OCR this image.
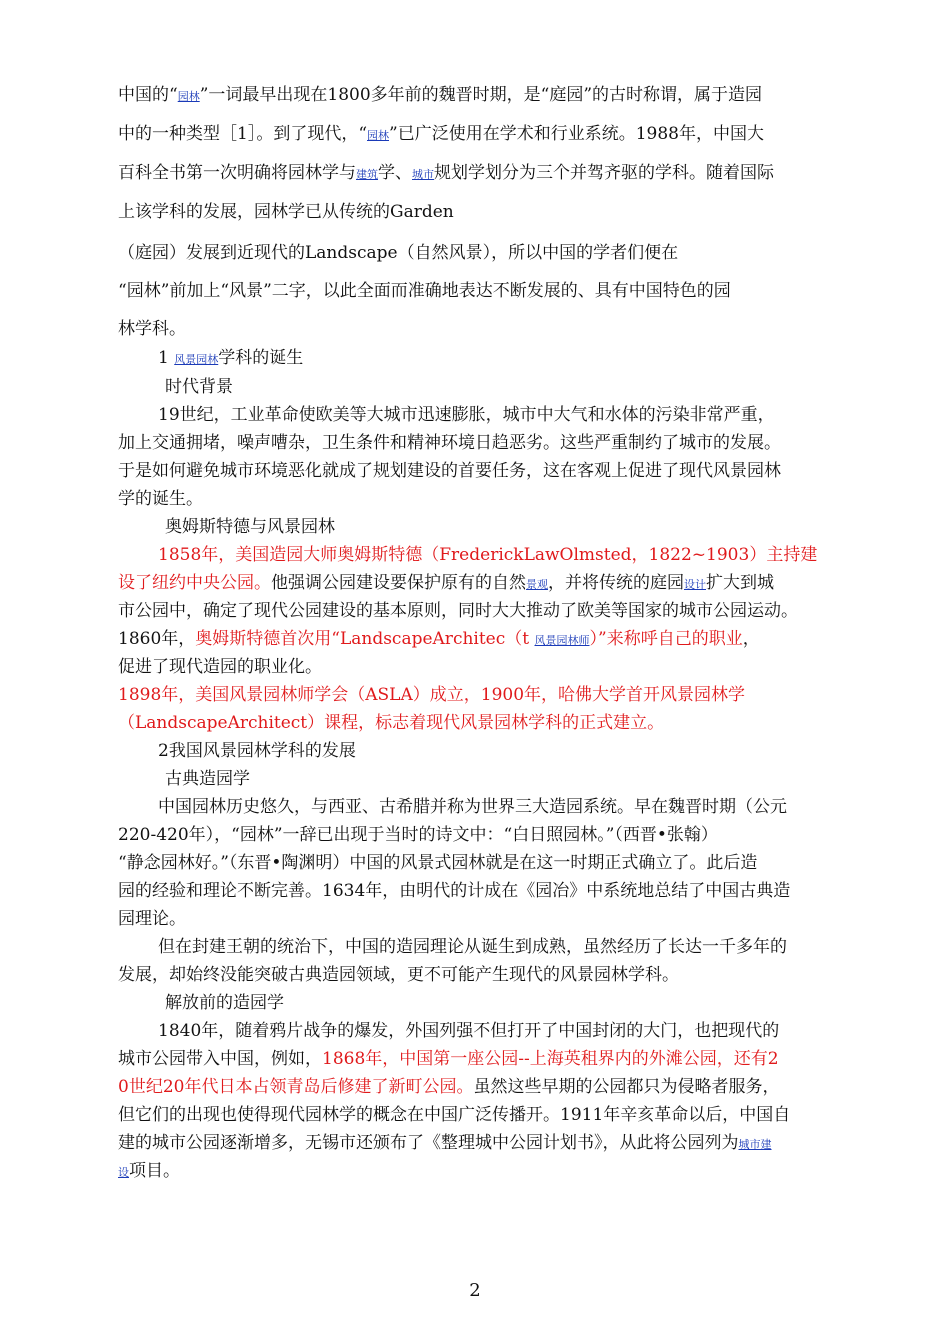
中国的“园林”一词最早出现在1800多年前的魏晋时期，是“庭园”的古时称谓，属于造园
中的一种类型［1］。到了现代，“园林”已广泛使用在学术和行业系统。1988年，中国大
百科全书第一次明确将园林学与建筑学、城市规划学划分为三个并驾齐驱的学科。随着国际
上该学科的发展，园林学已从传统的Garden
（庭园）发展到近现代的Landscape（自然风景），所以中国的学者们便在
“园林”前加上“风景”二字，以此全面而准确地表达不断发展的、具有中国特色的园
林学科。
1 风景园林学科的诞生
时代背景
19世纪，工业革命使欧美等大城市迅速膨胀，城市中大气和水体的污染非常严重，
加上交通拥堵，噪声嘈杂，卫生条件和精神环境日趋恶劣。这些严重制约了城市的发展。
于是如何避免城市环境恶化就成了规划建设的首要任务，这在客观上促进了现代风景园林
学的诞生。
奥姆斯特德与风景园林
1858年，美国造园大师奥姆斯特德（FrederickLawOlmsted，1822~1903）主持建
设了纽约中央公园。他强调公园建设要保护原有的自然景观，并将传统的庭园设计扩大到城
市公园中，确定了现代公园建设的基本原则，同时大大推动了欧美等国家的城市公园运动。
1860年，奥姆斯特德首次用“LandscapeArchitec（t 风景园林师）”来称呼自己的职业，
促进了现代造园的职业化。
1898年，美国风景园林师学会（ASLA）成立，1900年，哈佛大学首开风景园林学
（LandscapeArchitect）课程，标志着现代风景园林学科的正式建立。
2我国风景园林学科的发展
古典造园学
中国园林历史悠久，与西亚、古希腊并称为世界三大造园系统。早在魏晋时期（公元
220-420年），“园林”一辞已出现于当时的诗文中：“白日照园林。”（西晋•张翰）
“静念园林好。”（东晋•陶渊明）中国的风景式园林就是在这一时期正式确立了。此后造
园的经验和理论不断完善。1634年，由明代的计成在《园冶》中系统地总结了中国古典造
园理论。
但在封建王朝的统治下，中国的造园理论从诞生到成熟，虽然经历了长达一千多年的
发展，却始终没能突破古典造园领域，更不可能产生现代的风景园林学科。
解放前的造园学
1840年，随着鸦片战争的爆发，外国列强不但打开了中国封闭的大门，也把现代的
城市公园带入中国，例如，1868年，中国第一座公园--上海英租界内的外滩公园，还有2
0世纪20年代日本占领青岛后修建了新町公园。虽然这些早期的公园都只为侵略者服务，
但它们的出现也使得现代园林学的概念在中国广泛传播开。1911年辛亥革命以后，中国自
建的城市公园逐渐增多，无锡市还颁布了《整理城中公园计划书》，从此将公园列为城市建
设项目。
2
